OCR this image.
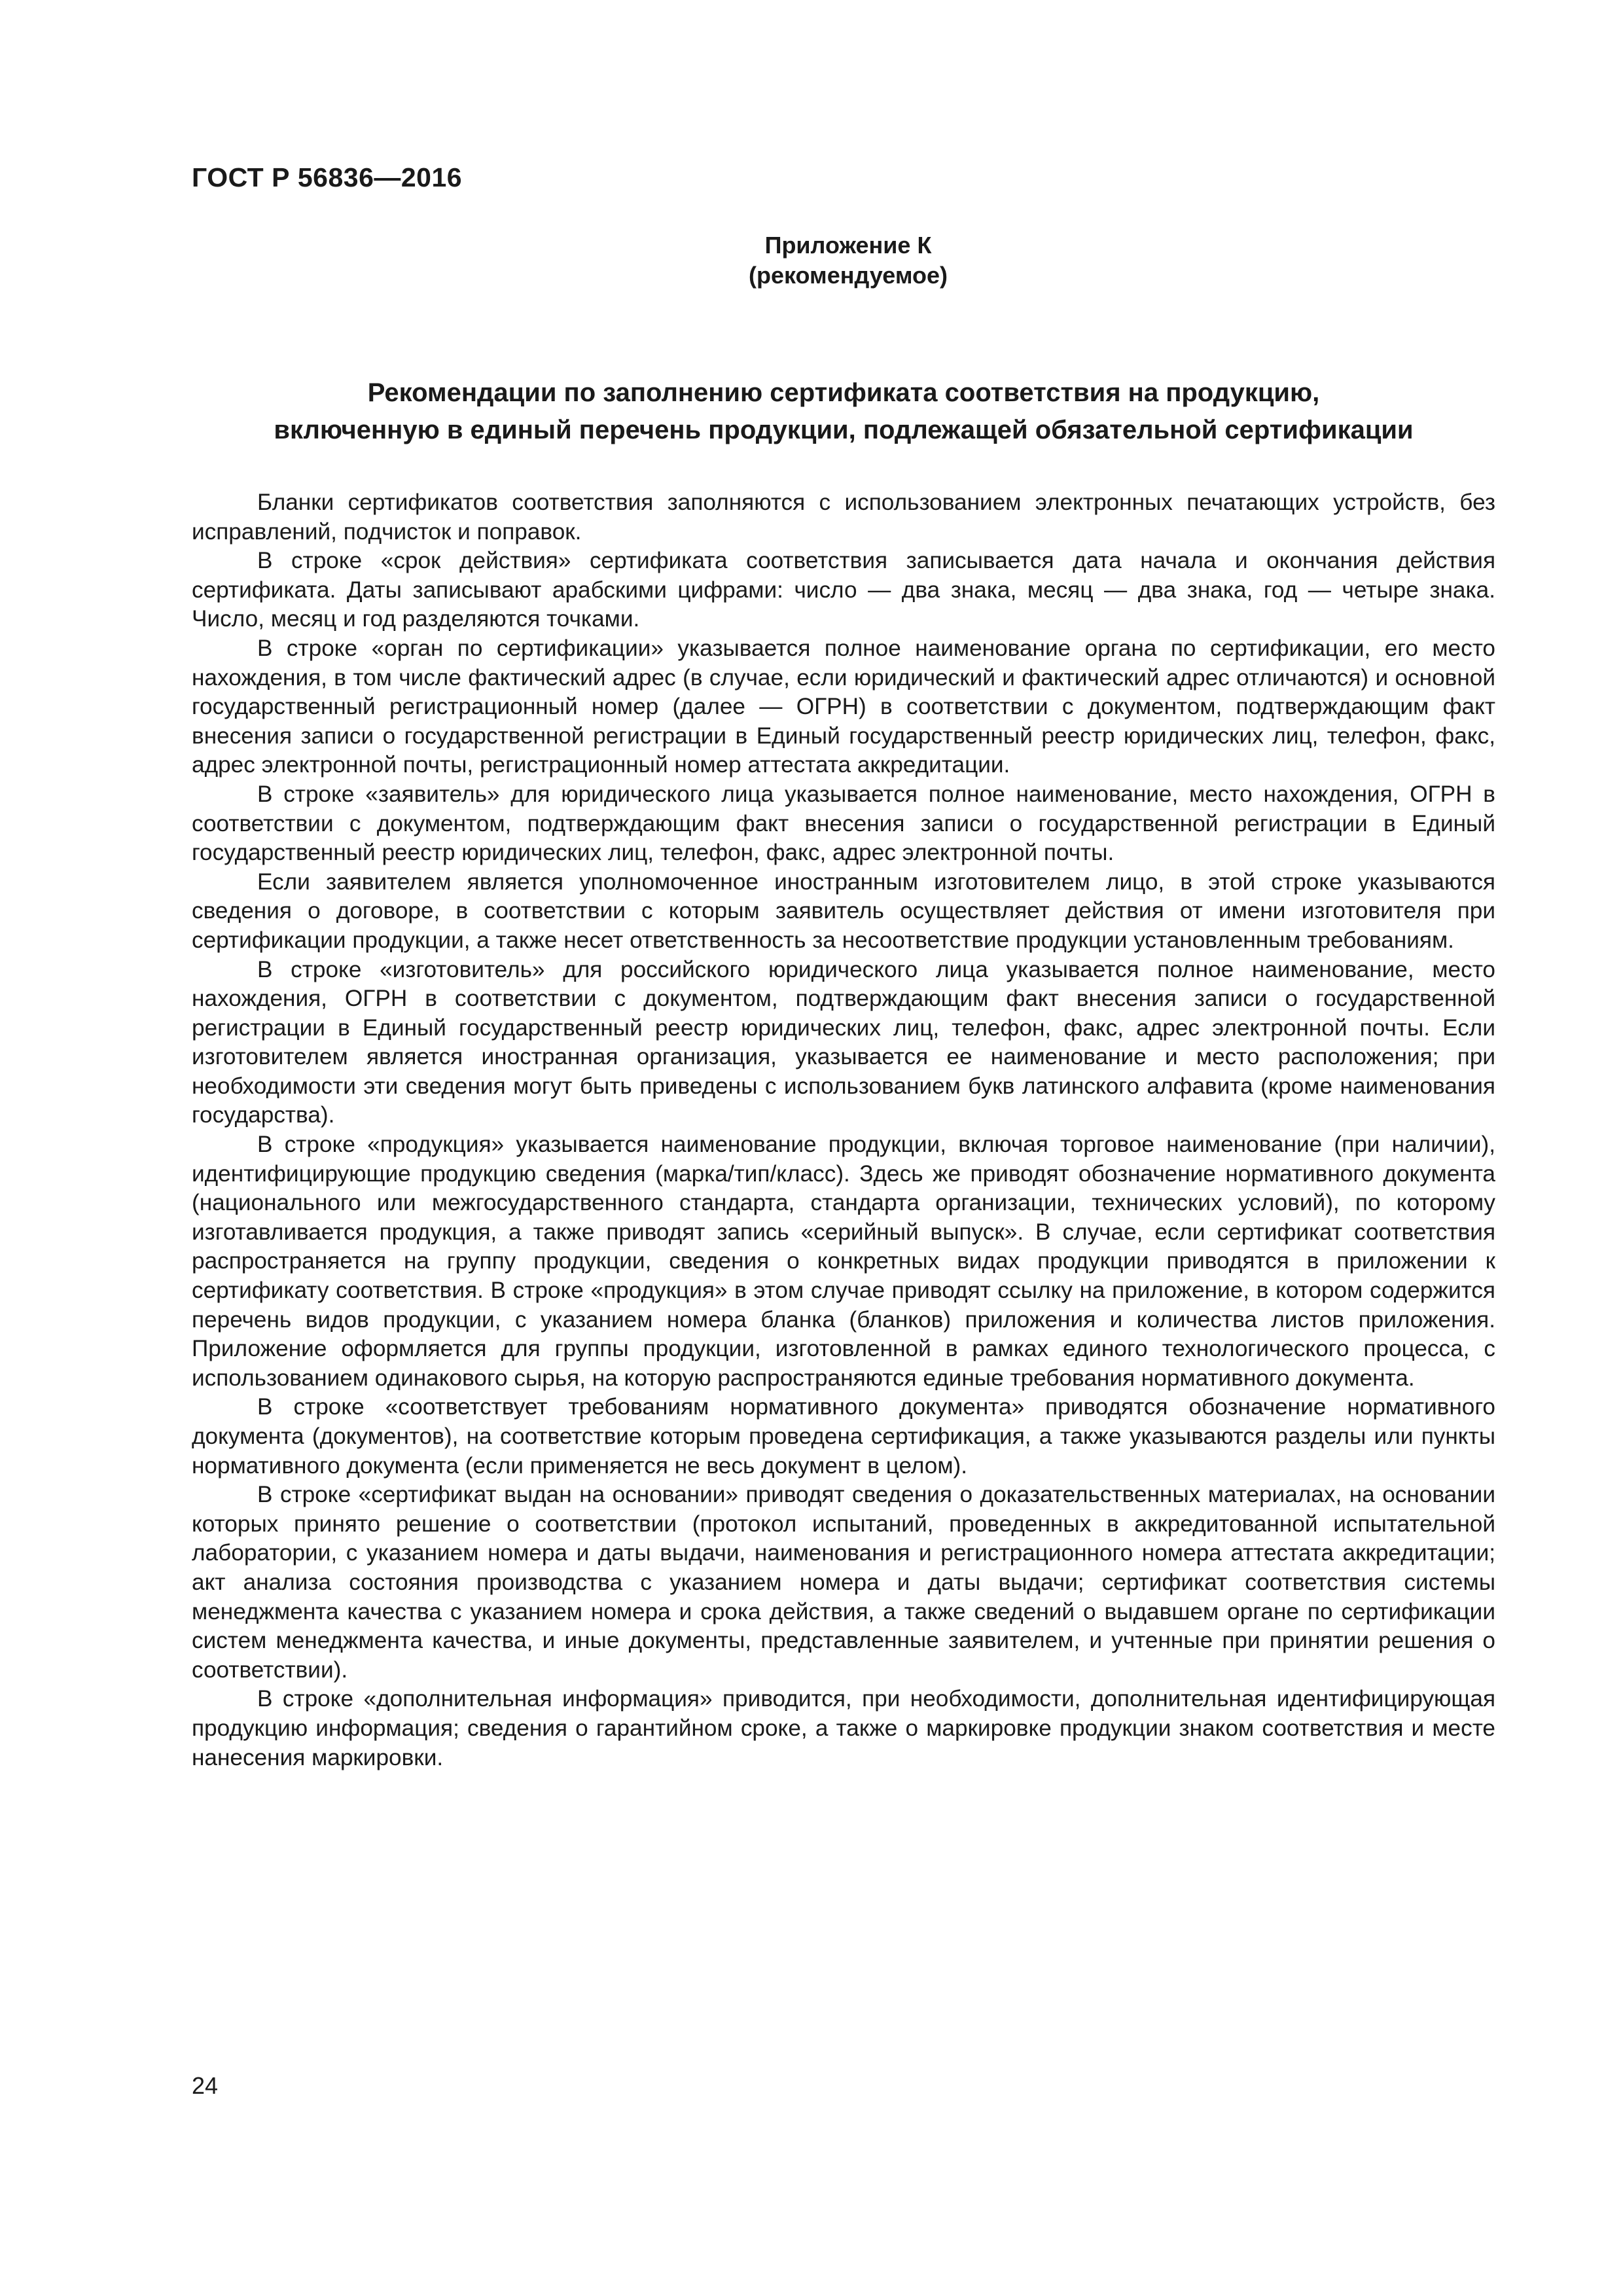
ГОСТ Р 56836—2016

Приложение К
(рекомендуемое)
Рекомендации по заполнению сертификата соответствия на продукцию,
включенную в единый перечень продукции, подлежащей обязательной сертификации

Бланки сертификатов соответствия заполняются с использованием электронных печатающих устройств, без исправлений, подчисток и поправок.

В строке «срок действия» сертификата соответствия записывается дата начала и окончания действия сертификата. Даты записывают арабскими цифрами: число — два знака, месяц — два знака, год — четыре знака. Число, месяц и год разделяются точками.

В строке «орган по сертификации» указывается полное наименование органа по сертификации, его место нахождения, в том числе фактический адрес (в случае, если юридический и фактический адрес отличаются) и основной государственный регистрационный номер (далее — ОГРН) в соответствии с документом, подтверждающим факт внесения записи о государственной регистрации в Единый государственный реестр юридических лиц, телефон, факс, адрес электронной почты, регистрационный номер аттестата аккредитации.

В строке «заявитель» для юридического лица указывается полное наименование, место нахождения, ОГРН в соответствии с документом, подтверждающим факт внесения записи о государственной регистрации в Единый государственный реестр юридических лиц, телефон, факс, адрес электронной почты.

Если заявителем является уполномоченное иностранным изготовителем лицо, в этой строке указываются сведения о договоре, в соответствии с которым заявитель осуществляет действия от имени изготовителя при сертификации продукции, а также несет ответственность за несоответствие продукции установленным требованиям.

В строке «изготовитель» для российского юридического лица указывается полное наименование, место нахождения, ОГРН в соответствии с документом, подтверждающим факт внесения записи о государственной регистрации в Единый государственный реестр юридических лиц, телефон, факс, адрес электронной почты. Если изготовителем является иностранная организация, указывается ее наименование и место расположения; при необходимости эти сведения могут быть приведены с использованием букв латинского алфавита (кроме наименования государства).

В строке «продукция» указывается наименование продукции, включая торговое наименование (при наличии), идентифицирующие продукцию сведения (марка/тип/класс). Здесь же приводят обозначение нормативного документа (национального или межгосударственного стандарта, стандарта организации, технических условий), по которому изготавливается продукция, а также приводят запись «серийный выпуск». В случае, если сертификат соответствия распространяется на группу продукции, сведения о конкретных видах продукции приводятся в приложении к сертификату соответствия. В строке «продукция» в этом случае приводят ссылку на приложение, в котором содержится перечень видов продукции, с указанием номера бланка (бланков) приложения и количества листов приложения. Приложение оформляется для группы продукции, изготовленной в рамках единого технологического процесса, с использованием одинакового сырья, на которую распространяются единые требования нормативного документа.

В строке «соответствует требованиям нормативного документа» приводятся обозначение нормативного документа (документов), на соответствие которым проведена сертификация, а также указываются разделы или пункты нормативного документа (если применяется не весь документ в целом).

В строке «сертификат выдан на основании» приводят сведения о доказательственных материалах, на основании которых принято решение о соответствии (протокол испытаний, проведенных в аккредитованной испытательной лаборатории, с указанием номера и даты выдачи, наименования и регистрационного номера аттестата аккредитации; акт анализа состояния производства с указанием номера и даты выдачи; сертификат соответствия системы менеджмента качества с указанием номера и срока действия, а также сведений о выдавшем органе по сертификации систем менеджмента качества, и иные документы, представленные заявителем, и учтенные при принятии решения о соответствии).

В строке «дополнительная информация» приводится, при необходимости, дополнительная идентифицирующая продукцию информация; сведения о гарантийном сроке, а также о маркировке продукции знаком соответствия и месте нанесения маркировки.

24
